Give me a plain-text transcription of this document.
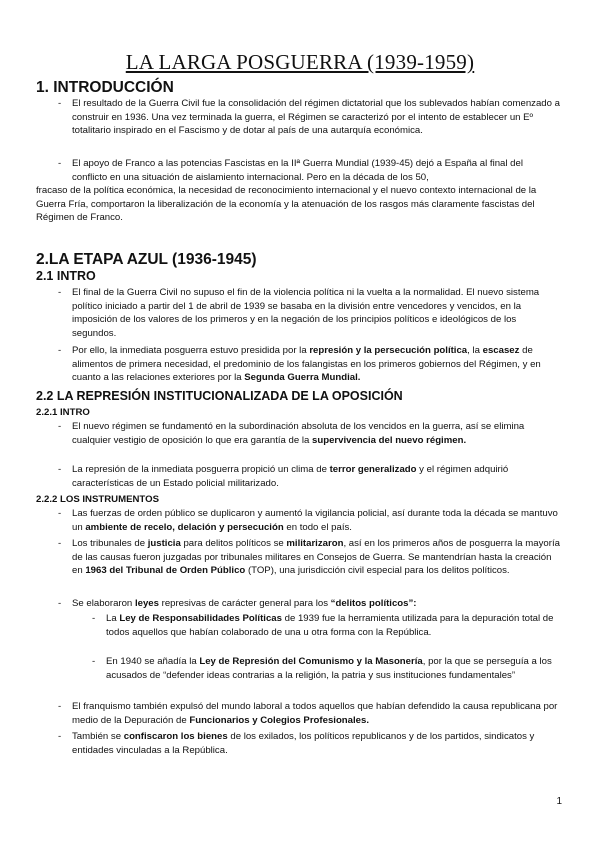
LA LARGA POSGUERRA (1939-1959)
1. INTRODUCCIÓN

- El resultado de la Guerra Civil fue la consolidación del régimen dictatorial que los sublevados habían comenzado a construir en 1936. Una vez terminada la guerra, el Régimen se caracterizó por el intento de establecer un Eº totalitario inspirado en el Fascismo y de dotar al país de una autarquía económica.

- El apoyo de Franco a las potencias Fascistas en la IIª Guerra Mundial (1939-45) dejó a España al final del conflicto en una situación de aislamiento internacional. Pero en la década de los 50,

fracaso de la política económica, la necesidad de reconocimiento internacional y el nuevo contexto internacional de la Guerra Fría, comportaron la liberalización de la economía y la atenuación de los rasgos más claramente fascistas del Régimen de Franco.

2.LA ETAPA AZUL (1936-1945)
2.1 INTRO

- El final de la Guerra Civil no supuso el fin de la violencia política ni la vuelta a la normalidad. El nuevo sistema político iniciado a partir del 1 de abril de 1939 se basaba en la división entre vencedores y vencidos, en la imposición de los valores de los primeros y en la negación de los principios políticos e ideológicos de los segundos.

- Por ello, la inmediata posguerra estuvo presidida por la represión y la persecución política, la escasez de alimentos de primera necesidad, el predominio de los falangistas en los primeros gobiernos del Régimen, y en cuanto a las relaciones exteriores por la Segunda Guerra Mundial.

2.2 LA REPRESIÓN INSTITUCIONALIZADA DE LA OPOSICIÓN
2.2.1 INTRO

- El nuevo régimen se fundamentó en la subordinación absoluta de los vencidos en la guerra, así se elimina cualquier vestigio de oposición lo que era garantía de la supervivencia del nuevo régimen.

- La represión de la inmediata posguerra propició un clima de terror generalizado y el régimen adquirió características de un Estado policial militarizado.

2.2.2 LOS INSTRUMENTOS

- Las fuerzas de orden público se duplicaron y aumentó la vigilancia policial, así durante toda la década se mantuvo un ambiente de recelo, delación y persecución en todo el país.

- Los tribunales de justicia para delitos políticos se militarizaron, así en los primeros años de posguerra la mayoría de las causas fueron juzgadas por tribunales militares en Consejos de Guerra. Se mantendrían hasta la creación en 1963 del Tribunal de Orden Público (TOP), una jurisdicción civil especial para los delitos políticos.

- Se elaboraron leyes represivas de carácter general para los “delitos políticos”:

- La Ley de Responsabilidades Políticas de 1939 fue la herramienta utilizada para la depuración total de todos aquellos que habían colaborado de una u otra forma con la República.

- En 1940 se añadía la Ley de Represión del Comunismo y la Masonería, por la que se perseguía a los acusados de “defender ideas contrarias a la religión, la patria y sus instituciones fundamentales”

- El franquismo también expulsó del mundo laboral a todos aquellos que habían defendido la causa republicana por medio de la Depuración de Funcionarios y Colegios Profesionales.

- También se confiscaron los bienes de los exilados, los políticos republicanos y de los partidos, sindicatos y entidades vinculadas a la República.

1
